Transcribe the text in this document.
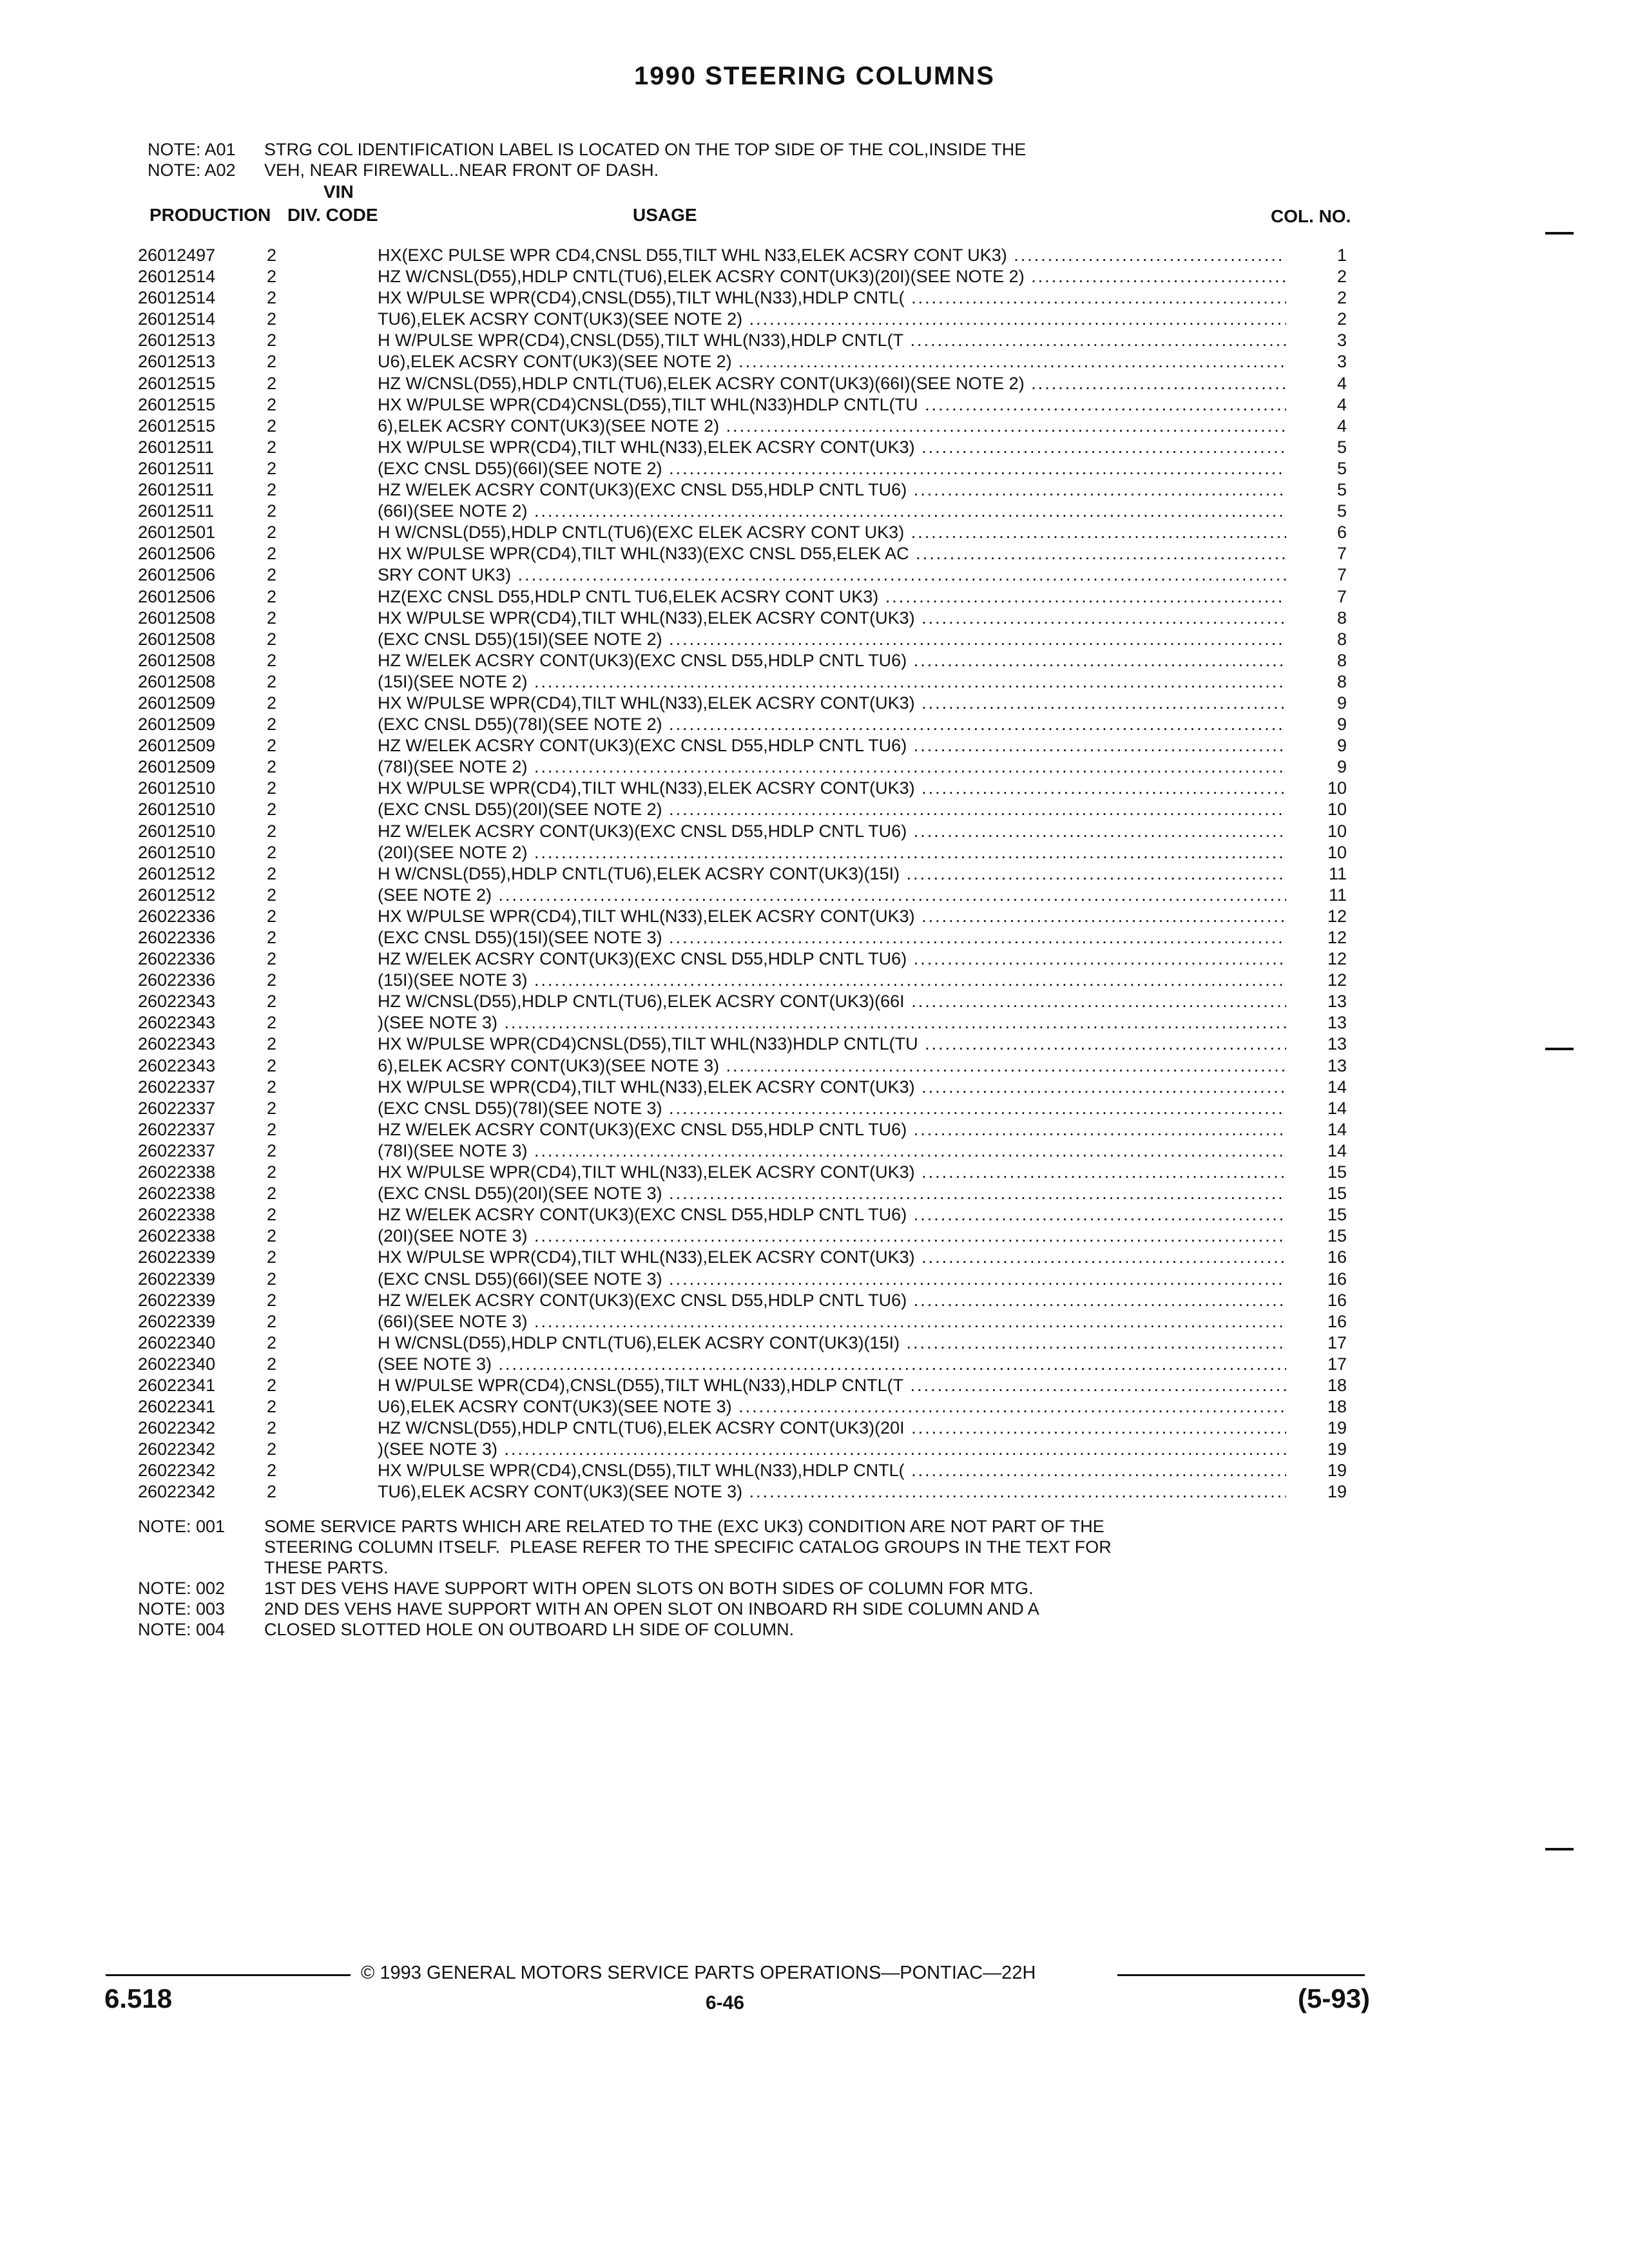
1990 STEERING COLUMNS

NOTE: A01 STRG COL IDENTIFICATION LABEL IS LOCATED ON THE TOP SIDE OF THE COL,INSIDE THE

NOTE: A02 VEH, NEAR FIREWALL..NEAR FRONT OF DASH.

VIN
PRODUCTION DIV. CODE	USAGE	COL. NO.
26012497	2	HX(EXC PULSE WPR CD4,CNSL D55,TILT WHL N33,ELEK ACSRY CONT UK3) .....	1
26012514	2	HZ W/CNSL(D55),HDLP CNTL(TU6),ELEK ACSRY CONT(UK3)(20I)(SEE NOTE 2) .....	2
26012514	2	HX W/PULSE WPR(CD4),CNSL(D55),TILT WHL(N33),HDLP CNTL( .....	2
26012514	2	TU6),ELEK ACSRY CONT(UK3)(SEE NOTE 2) .....	2
26012513	2	H W/PULSE WPR(CD4),CNSL(D55),TILT WHL(N33),HDLP CNTL(T .....	3
26012513	2	U6),ELEK ACSRY CONT(UK3)(SEE NOTE 2) .....	3
26012515	2	HZ W/CNSL(D55),HDLP CNTL(TU6),ELEK ACSRY CONT(UK3)(66I)(SEE NOTE 2) .....	4
26012515	2	HX W/PULSE WPR(CD4)CNSL(D55),TILT WHL(N33)HDLP CNTL(TU .....	4
26012515	2	6),ELEK ACSRY CONT(UK3)(SEE NOTE 2) .....	4
26012511	2	HX W/PULSE WPR(CD4),TILT WHL(N33),ELEK ACSRY CONT(UK3) .....	5
26012511	2	(EXC CNSL D55)(66I)(SEE NOTE 2) .....	5
26012511	2	HZ W/ELEK ACSRY CONT(UK3)(EXC CNSL D55,HDLP CNTL TU6) .....	5
26012511	2	(66I)(SEE NOTE 2) .....	5
26012501	2	H W/CNSL(D55),HDLP CNTL(TU6)(EXC ELEK ACSRY CONT UK3) .....	6
26012506	2	HX W/PULSE WPR(CD4),TILT WHL(N33)(EXC CNSL D55,ELEK AC .....	7
26012506	2	SRY CONT UK3) .....	7
26012506	2	HZ(EXC CNSL D55,HDLP CNTL TU6,ELEK ACSRY CONT UK3) .....	7
26012508	2	HX W/PULSE WPR(CD4),TILT WHL(N33),ELEK ACSRY CONT(UK3) .....	8
26012508	2	(EXC CNSL D55)(15I)(SEE NOTE 2) .....	8
26012508	2	HZ W/ELEK ACSRY CONT(UK3)(EXC CNSL D55,HDLP CNTL TU6) .....	8
26012508	2	(15I)(SEE NOTE 2) .....	8
26012509	2	HX W/PULSE WPR(CD4),TILT WHL(N33),ELEK ACSRY CONT(UK3) .....	9
26012509	2	(EXC CNSL D55)(78I)(SEE NOTE 2) .....	9
26012509	2	HZ W/ELEK ACSRY CONT(UK3)(EXC CNSL D55,HDLP CNTL TU6) .....	9
26012509	2	(78I)(SEE NOTE 2) .....	9
26012510	2	HX W/PULSE WPR(CD4),TILT WHL(N33),ELEK ACSRY CONT(UK3) .....	10
26012510	2	(EXC CNSL D55)(20I)(SEE NOTE 2) .....	10
26012510	2	HZ W/ELEK ACSRY CONT(UK3)(EXC CNSL D55,HDLP CNTL TU6) .....	10
26012510	2	(20I)(SEE NOTE 2) .....	10
26012512	2	H W/CNSL(D55),HDLP CNTL(TU6),ELEK ACSRY CONT(UK3)(15I) .....	11
26012512	2	(SEE NOTE 2) .....	11
26022336	2	HX W/PULSE WPR(CD4),TILT WHL(N33),ELEK ACSRY CONT(UK3) .....	12
26022336	2	(EXC CNSL D55)(15I)(SEE NOTE 3) .....	12
26022336	2	HZ W/ELEK ACSRY CONT(UK3)(EXC CNSL D55,HDLP CNTL TU6) .....	12
26022336	2	(15I)(SEE NOTE 3) .....	12
26022343	2	HZ W/CNSL(D55),HDLP CNTL(TU6),ELEK ACSRY CONT(UK3)(66I .....	13
26022343	2	)(SEE NOTE 3) .....	13
26022343	2	HX W/PULSE WPR(CD4)CNSL(D55),TILT WHL(N33)HDLP CNTL(TU .....	13
26022343	2	6),ELEK ACSRY CONT(UK3)(SEE NOTE 3) .....	13
26022337	2	HX W/PULSE WPR(CD4),TILT WHL(N33),ELEK ACSRY CONT(UK3) .....	14
26022337	2	(EXC CNSL D55)(78I)(SEE NOTE 3) .....	14
26022337	2	HZ W/ELEK ACSRY CONT(UK3)(EXC CNSL D55,HDLP CNTL TU6) .....	14
26022337	2	(78I)(SEE NOTE 3) .....	14
26022338	2	HX W/PULSE WPR(CD4),TILT WHL(N33),ELEK ACSRY CONT(UK3) .....	15
26022338	2	(EXC CNSL D55)(20I)(SEE NOTE 3) .....	15
26022338	2	HZ W/ELEK ACSRY CONT(UK3)(EXC CNSL D55,HDLP CNTL TU6) .....	15
26022338	2	(20I)(SEE NOTE 3) .....	15
26022339	2	HX W/PULSE WPR(CD4),TILT WHL(N33),ELEK ACSRY CONT(UK3) .....	16
26022339	2	(EXC CNSL D55)(66I)(SEE NOTE 3) .....	16
26022339	2	HZ W/ELEK ACSRY CONT(UK3)(EXC CNSL D55,HDLP CNTL TU6) .....	16
26022339	2	(66I)(SEE NOTE 3) .....	16
26022340	2	H W/CNSL(D55),HDLP CNTL(TU6),ELEK ACSRY CONT(UK3)(15I) .....	17
26022340	2	(SEE NOTE 3) .....	17
26022341	2	H W/PULSE WPR(CD4),CNSL(D55),TILT WHL(N33),HDLP CNTL(T .....	18
26022341	2	U6),ELEK ACSRY CONT(UK3)(SEE NOTE 3) .....	18
26022342	2	HZ W/CNSL(D55),HDLP CNTL(TU6),ELEK ACSRY CONT(UK3)(20I .....	19
26022342	2	)(SEE NOTE 3) .....	19
26022342	2	HX W/PULSE WPR(CD4),CNSL(D55),TILT WHL(N33),HDLP CNTL( .....	19
26022342	2	TU6),ELEK ACSRY CONT(UK3)(SEE NOTE 3) .....	19
NOTE: 001 SOME SERVICE PARTS WHICH ARE RELATED TO THE (EXC UK3) CONDITION ARE NOT PART OF THE
STEERING COLUMN ITSELF.  PLEASE REFER TO THE SPECIFIC CATALOG GROUPS IN THE TEXT FOR
THESE PARTS.
NOTE: 002 1ST DES VEHS HAVE SUPPORT WITH OPEN SLOTS ON BOTH SIDES OF COLUMN FOR MTG.
NOTE: 003 2ND DES VEHS HAVE SUPPORT WITH AN OPEN SLOT ON INBOARD RH SIDE COLUMN AND A
NOTE: 004 CLOSED SLOTTED HOLE ON OUTBOARD LH SIDE OF COLUMN.
© 1993 GENERAL MOTORS SERVICE PARTS OPERATIONS—PONTIAC—22H
6.518	6-46	(5-93)
